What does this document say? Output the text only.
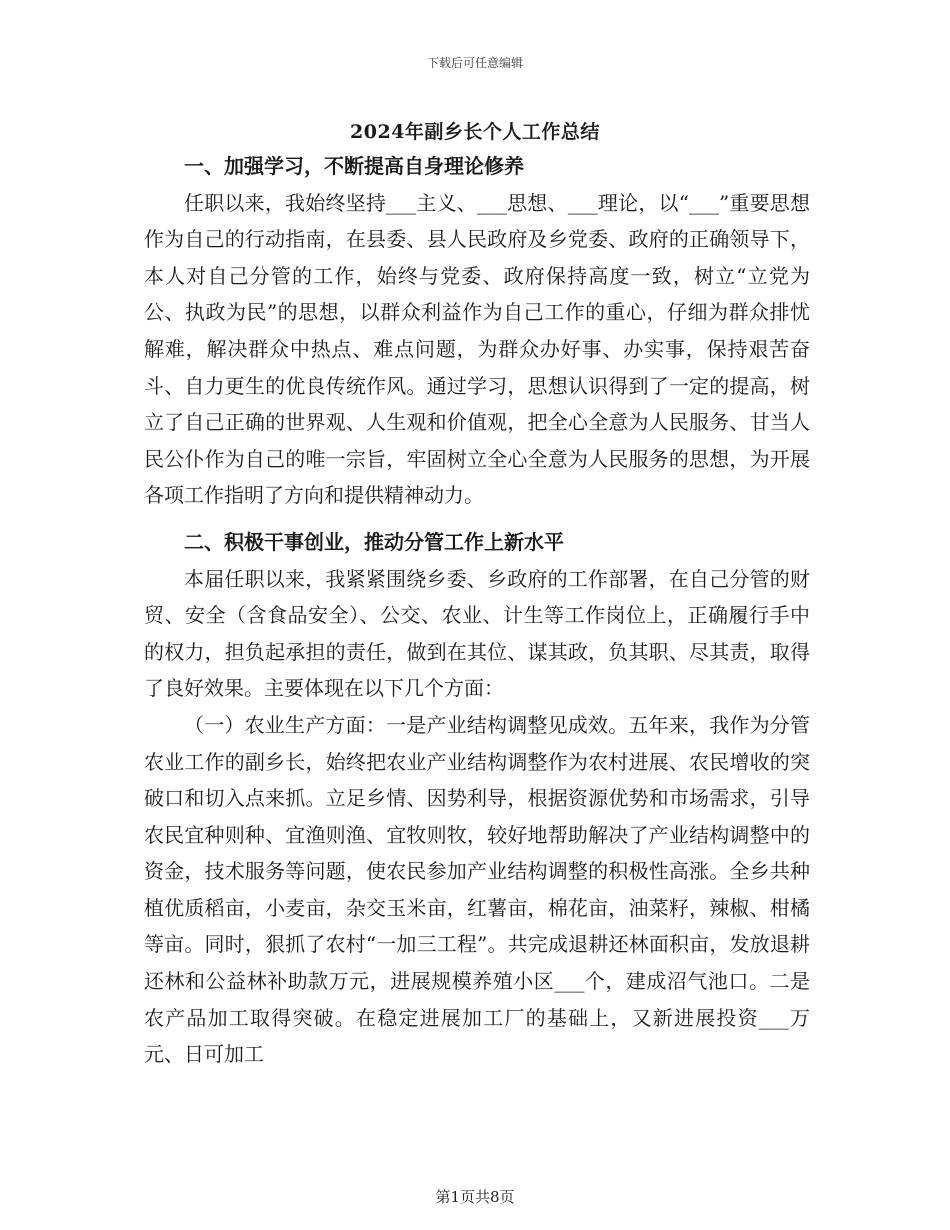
下载后可任意编辑
2024年副乡长个人工作总结

一、加强学习，不断提高自身理论修养

任职以来，我始终坚持___主义、___思想、___理论，以“___”重要思想作为自己的行动指南，在县委、县人民政府及乡党委、政府的正确领导下，本人对自己分管的工作，始终与党委、政府保持高度一致，树立“立党为公、执政为民”的思想，以群众利益作为自己工作的重心，仔细为群众排忧解难，解决群众中热点、难点问题，为群众办好事、办实事，保持艰苦奋斗、自力更生的优良传统作风。通过学习，思想认识得到了一定的提高，树立了自己正确的世界观、人生观和价值观，把全心全意为人民服务、甘当人民公仆作为自己的唯一宗旨，牢固树立全心全意为人民服务的思想，为开展各项工作指明了方向和提供精神动力。

二、积极干事创业，推动分管工作上新水平

本届任职以来，我紧紧围绕乡委、乡政府的工作部署，在自己分管的财贸、安全（含食品安全）、公交、农业、计生等工作岗位上，正确履行手中的权力，担负起承担的责任，做到在其位、谋其政，负其职、尽其责，取得了良好效果。主要体现在以下几个方面：

（一）农业生产方面：一是产业结构调整见成效。五年来，我作为分管农业工作的副乡长，始终把农业产业结构调整作为农村进展、农民增收的突破口和切入点来抓。立足乡情、因势利导，根据资源优势和市场需求，引导农民宜种则种、宜渔则渔、宜牧则牧，较好地帮助解决了产业结构调整中的资金，技术服务等问题，使农民参加产业结构调整的积极性高涨。全乡共种植优质稻亩，小麦亩，杂交玉米亩，红薯亩，棉花亩，油菜籽，辣椒、柑橘等亩。同时，狠抓了农村“一加三工程”。共完成退耕还林面积亩，发放退耕还林和公益林补助款万元，进展规模养殖小区___个，建成沼气池口。二是农产品加工取得突破。在稳定进展加工厂的基础上，又新进展投资___万元、日可加工

第1页共8页
